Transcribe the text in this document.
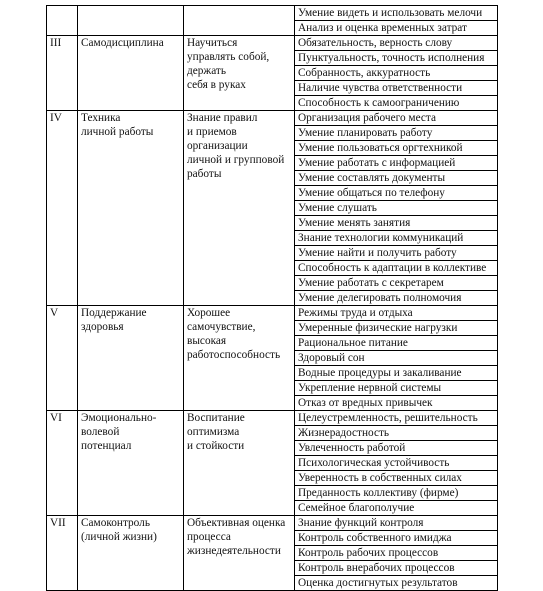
			Умение видеть и использовать мелочи
			Анализ и оценка временных затрат
III	Самодисциплина	Научиться
управлять собой,
держать
себя в руках	Обязательность, верность слову
			Пунктуальность, точность исполнения
			Собранность, аккуратность
			Наличие чувства ответственности
			Способность к самоограничению
IV	Техника
личной работы	Знание правил
и приемов
организации
личной и групповой
работы	Организация рабочего места
			Умение планировать работу
			Умение пользоваться оргтехникой
			Умение работать с информацией
			Умение составлять документы
			Умение общаться по телефону
			Умение слушать
			Умение менять занятия
			Знание технологии коммуникаций
			Умение найти и получить работу
			Способность к адаптации в коллективе
			Умение работать с секретарем
			Умение делегировать полномочия
V	Поддержание
здоровья	Хорошее
самочувствие,
высокая
работоспособность	Режимы труда и отдыха
			Умеренные физические нагрузки
			Рациональное питание
			Здоровый сон
			Водные процедуры и закаливание
			Укрепление нервной системы
			Отказ от вредных привычек
VI	Эмоционально-
волевой
потенциал	Воспитание
оптимизма
и стойкости	Целеустремленность, решительность
			Жизнерадостность
			Увлеченность работой
			Психологическая устойчивость
			Уверенность в собственных силах
			Преданность коллективу (фирме)
			Семейное благополучие
VII	Самоконтроль
(личной жизни)	Объективная оценка
процесса
жизнедеятельности	Знание функций контроля
			Контроль собственного имиджа
			Контроль рабочих процессов
			Контроль внерабочих процессов
			Оценка достигнутых результатов
